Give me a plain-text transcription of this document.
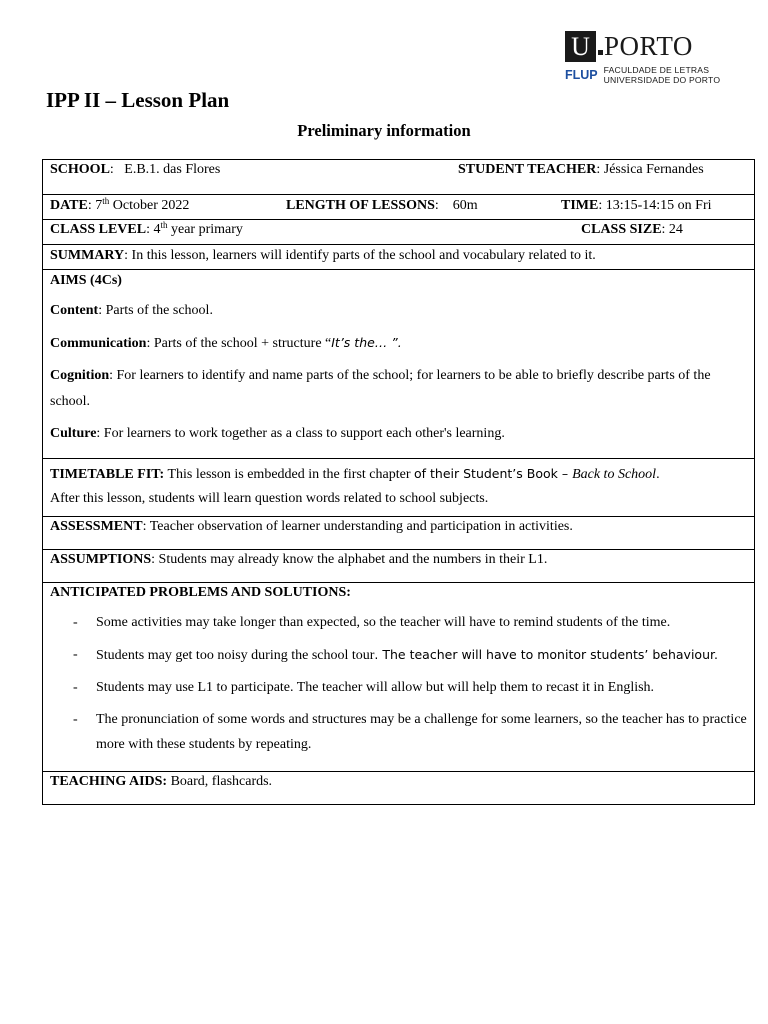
U PORTO
FLUP FACULDADE DE LETRAS
UNIVERSIDADE DO PORTO
IPP II – Lesson Plan
Preliminary information
SCHOOL:   E.B.1. das Flores	STUDENT TEACHER: Jéssica Fernandes
DATE: 7th October 2022	LENGTH OF LESSONS:    60m	TIME: 13:15-14:15 on Fri
CLASS LEVEL: 4th year primary	CLASS SIZE: 24

SUMMARY: In this lesson, learners will identify parts of the school and vocabulary related to it.

AIMS (4Cs)

Content: Parts of the school.

Communication: Parts of the school + structure “It’s the… ”.

Cognition: For learners to identify and name parts of the school; for learners to be able to briefly describe parts of the school.

Culture: For learners to work together as a class to support each other's learning.

TIMETABLE FIT: This lesson is embedded in the first chapter of their Student’s Book – Back to School.

After this lesson, students will learn question words related to school subjects.

ASSESSMENT: Teacher observation of learner understanding and participation in activities.

ASSUMPTIONS: Students may already know the alphabet and the numbers in their L1.

ANTICIPATED PROBLEMS AND SOLUTIONS:

- Some activities may take longer than expected, so the teacher will have to remind students of the time.
- Students may get too noisy during the school tour. The teacher will have to monitor students’ behaviour.
- Students may use L1 to participate. The teacher will allow but will help them to recast it in English.
- The pronunciation of some words and structures may be a challenge for some learners, so the teacher has to practice more with these students by repeating.

TEACHING AIDS: Board, flashcards.
